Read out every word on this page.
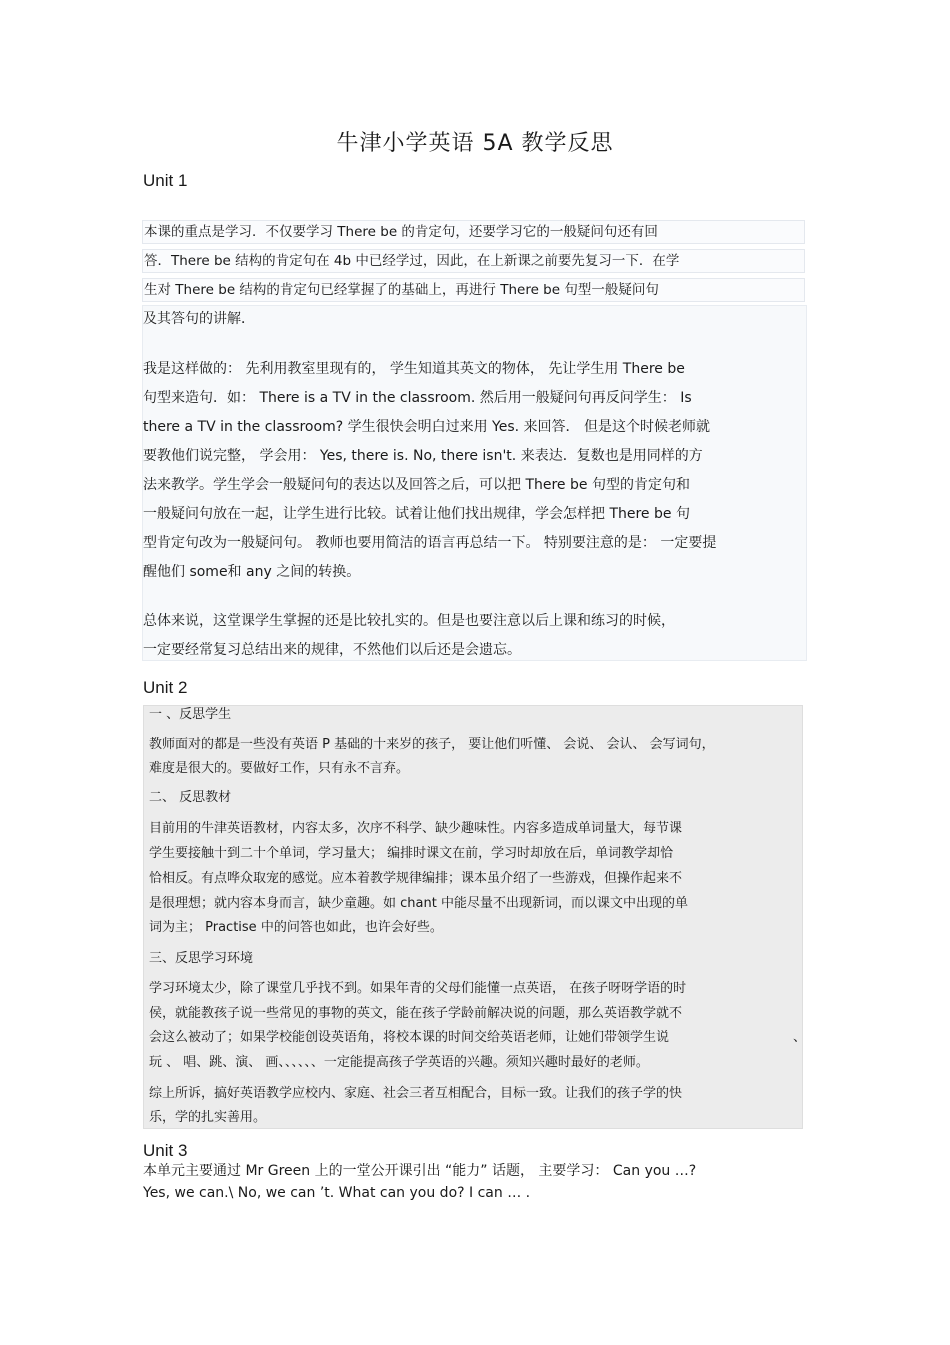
牛津小学英语 5A 教学反思
Unit 1
本课的重点是学习．不仅要学习 There be 的肯定句，还要学习它的一般疑问句还有回
答．There be 结构的肯定句在 4b 中已经学过，因此，在上新课之前要先复习一下．在学
生对 There be 结构的肯定句已经掌握了的基础上，再进行 There be 句型一般疑问句
及其答句的讲解．
我是这样做的： 先利用教室里现有的， 学生知道其英文的物体， 先让学生用 There be
句型来造句．如： There is a TV in the classroom. 然后用一般疑问句再反问学生： Is
there a TV in the classroom? 学生很快会明白过来用 Yes. 来回答． 但是这个时候老师就
要教他们说完整， 学会用： Yes, there is. No, there isn't. 来表达．复数也是用同样的方
法来教学。学生学会一般疑问句的表达以及回答之后，可以把 There be 句型的肯定句和
一般疑问句放在一起，让学生进行比较。试着让他们找出规律，学会怎样把 There be 句
型肯定句改为一般疑问句。 教师也要用简洁的语言再总结一下。 特别要注意的是： 一定要提
醒他们 some和 any 之间的转换。
总体来说，这堂课学生掌握的还是比较扎实的。但是也要注意以后上课和练习的时候，
一定要经常复习总结出来的规律，不然他们以后还是会遗忘。
Unit 2
一 、反思学生
教师面对的都是一些没有英语 P 基础的十来岁的孩子， 要让他们听懂、 会说、 会认、 会写词句，
难度是很大的。要做好工作，只有永不言弃。
二、 反思教材
目前用的牛津英语教材，内容太多，次序不科学、缺少趣味性。内容多造成单词量大，每节课
学生要接触十到二十个单词，学习量大； 编排时课文在前，学习时却放在后，单词教学却恰
恰相反。有点哗众取宠的感觉。应本着教学规律编排；课本虽介绍了一些游戏，但操作起来不
是很理想；就内容本身而言，缺少童趣。如 chant 中能尽量不出现新词，而以课文中出现的单
词为主； Practise 中的问答也如此，也许会好些。
三、反思学习环境
学习环境太少，除了课堂几乎找不到。如果年青的父母们能懂一点英语， 在孩子呀呀学语的时
侯，就能教孩子说一些常见的事物的英文，能在孩子学龄前解决说的问题，那么英语教学就不
会这么被动了；如果学校能创设英语角，将校本课的时间交给英语老师，让她们带领学生说	、
玩 、 唱、跳、演、 画、、、、、、一定能提高孩子学英语的兴趣。须知兴趣时最好的老师。
综上所诉，搞好英语教学应校内、家庭、社会三者互相配合，目标一致。让我们的孩子学的快
乐，学的扎实善用。
Unit 3
本单元主要通过 Mr Green 上的一堂公开课引出 “能力” 话题， 主要学习： Can you …?
Yes, we can.\ No, we can ’t. What can you do? I can … .
